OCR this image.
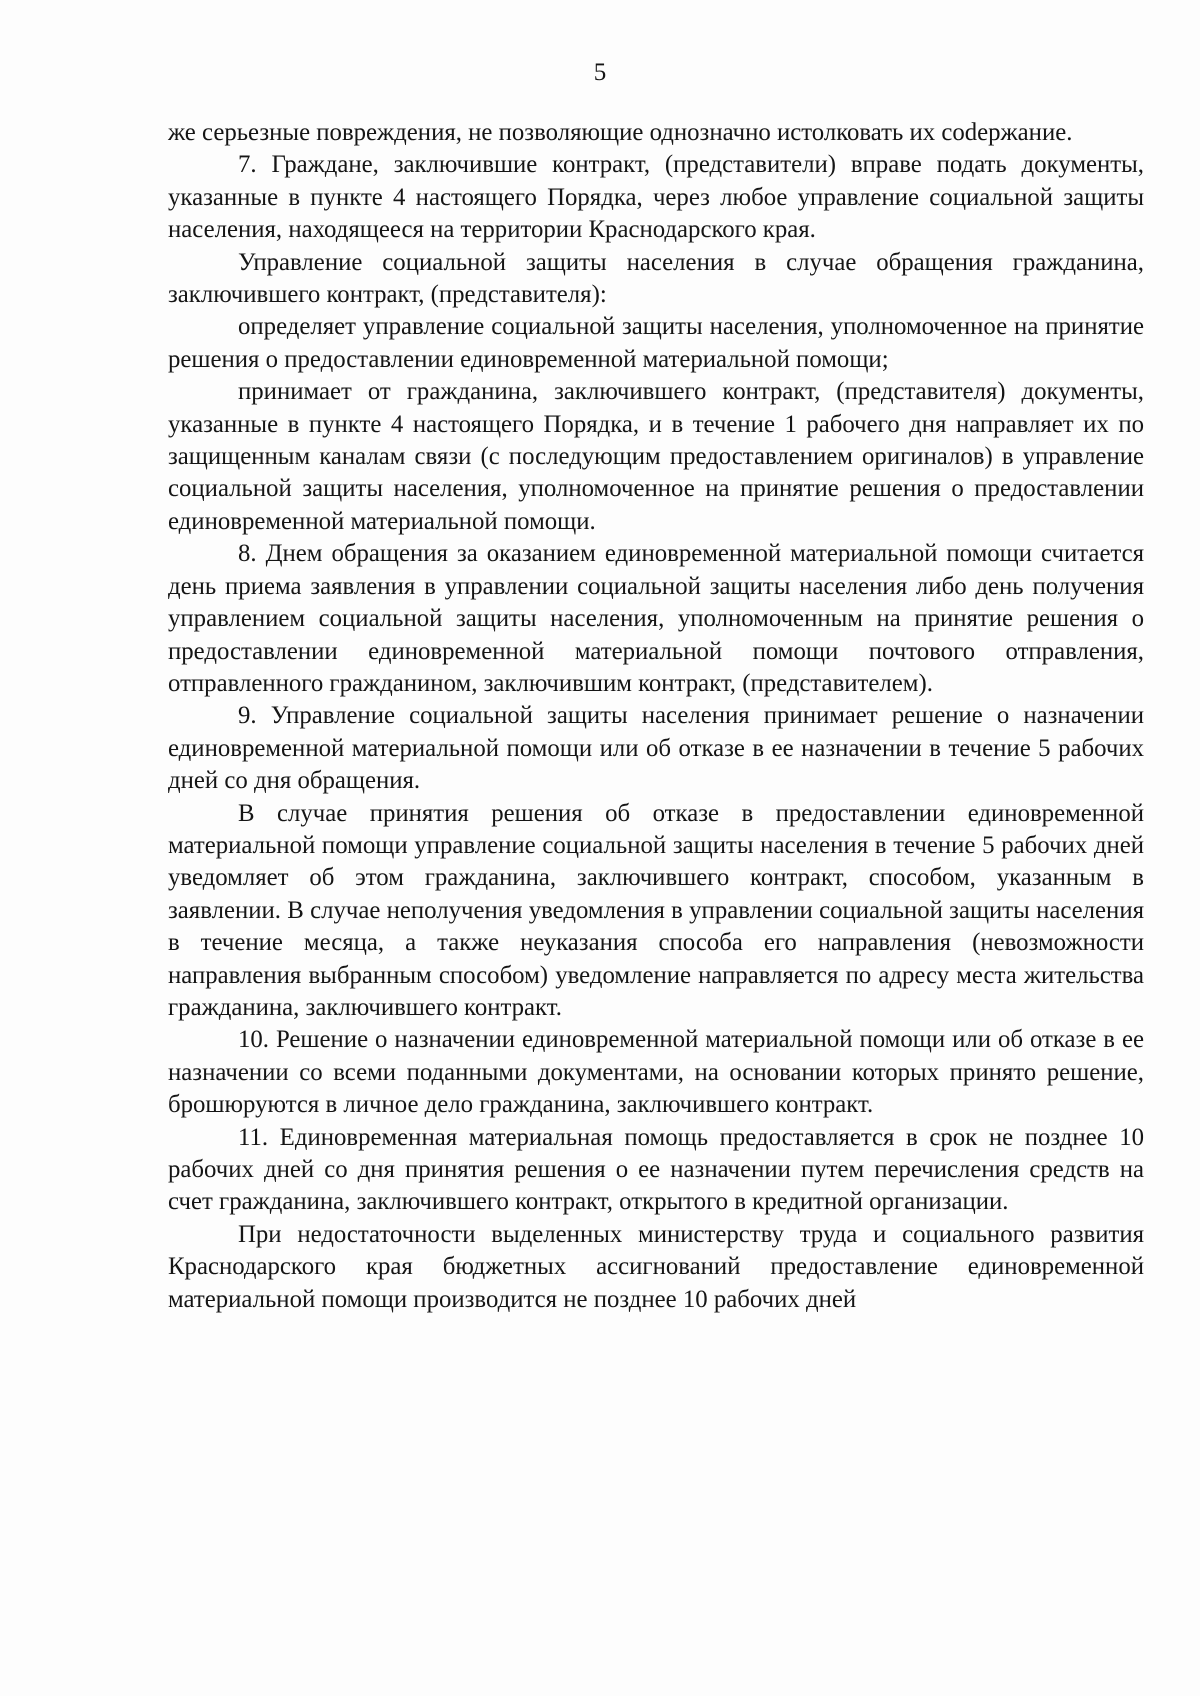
5

же серьезные повреждения, не позволяющие однозначно истолковать их соdержание.

7. Граждане, заключившие контракт, (представители) вправе подать документы, указанные в пункте 4 настоящего Порядка, через любое управление социальной защиты населения, находящееся на территории Краснодарского края.

Управление социальной защиты населения в случае обращения гражданина, заключившего контракт, (представителя):

определяет управление социальной защиты населения, уполномоченное на принятие решения о предоставлении единовременной материальной помощи;

принимает от гражданина, заключившего контракт, (представителя) документы, указанные в пункте 4 настоящего Порядка, и в течение 1 рабочего дня направляет их по защищенным каналам связи (с последующим предоставлением оригиналов) в управление социальной защиты населения, уполномоченное на принятие решения о предоставлении единовременной материальной помощи.

8. Днем обращения за оказанием единовременной материальной помощи считается день приема заявления в управлении социальной защиты населения либо день получения управлением социальной защиты населения, уполномоченным на принятие решения о предоставлении единовременной материальной помощи почтового отправления, отправленного гражданином, заключившим контракт, (представителем).

9. Управление социальной защиты населения принимает решение о назначении единовременной материальной помощи или об отказе в ее назначении в течение 5 рабочих дней со дня обращения.

В случае принятия решения об отказе в предоставлении единовременной материальной помощи управление социальной защиты населения в течение 5 рабочих дней уведомляет об этом гражданина, заключившего контракт, способом, указанным в заявлении. В случае неполучения уведомления в управлении социальной защиты населения в течение месяца, а также неуказания способа его направления (невозможности направления выбранным способом) уведомление направляется по адресу места жительства гражданина, заключившего контракт.

10. Решение о назначении единовременной материальной помощи или об отказе в ее назначении со всеми поданными документами, на основании которых принято решение, брошюруются в личное дело гражданина, заключившего контракт.

11. Единовременная материальная помощь предоставляется в срок не позднее 10 рабочих дней со дня принятия решения о ее назначении путем перечисления средств на счет гражданина, заключившего контракт, открытого в кредитной организации.

При недостаточности выделенных министерству труда и социального развития Краснодарского края бюджетных ассигнований предоставление единовременной материальной помощи производится не позднее 10 рабочих дней
